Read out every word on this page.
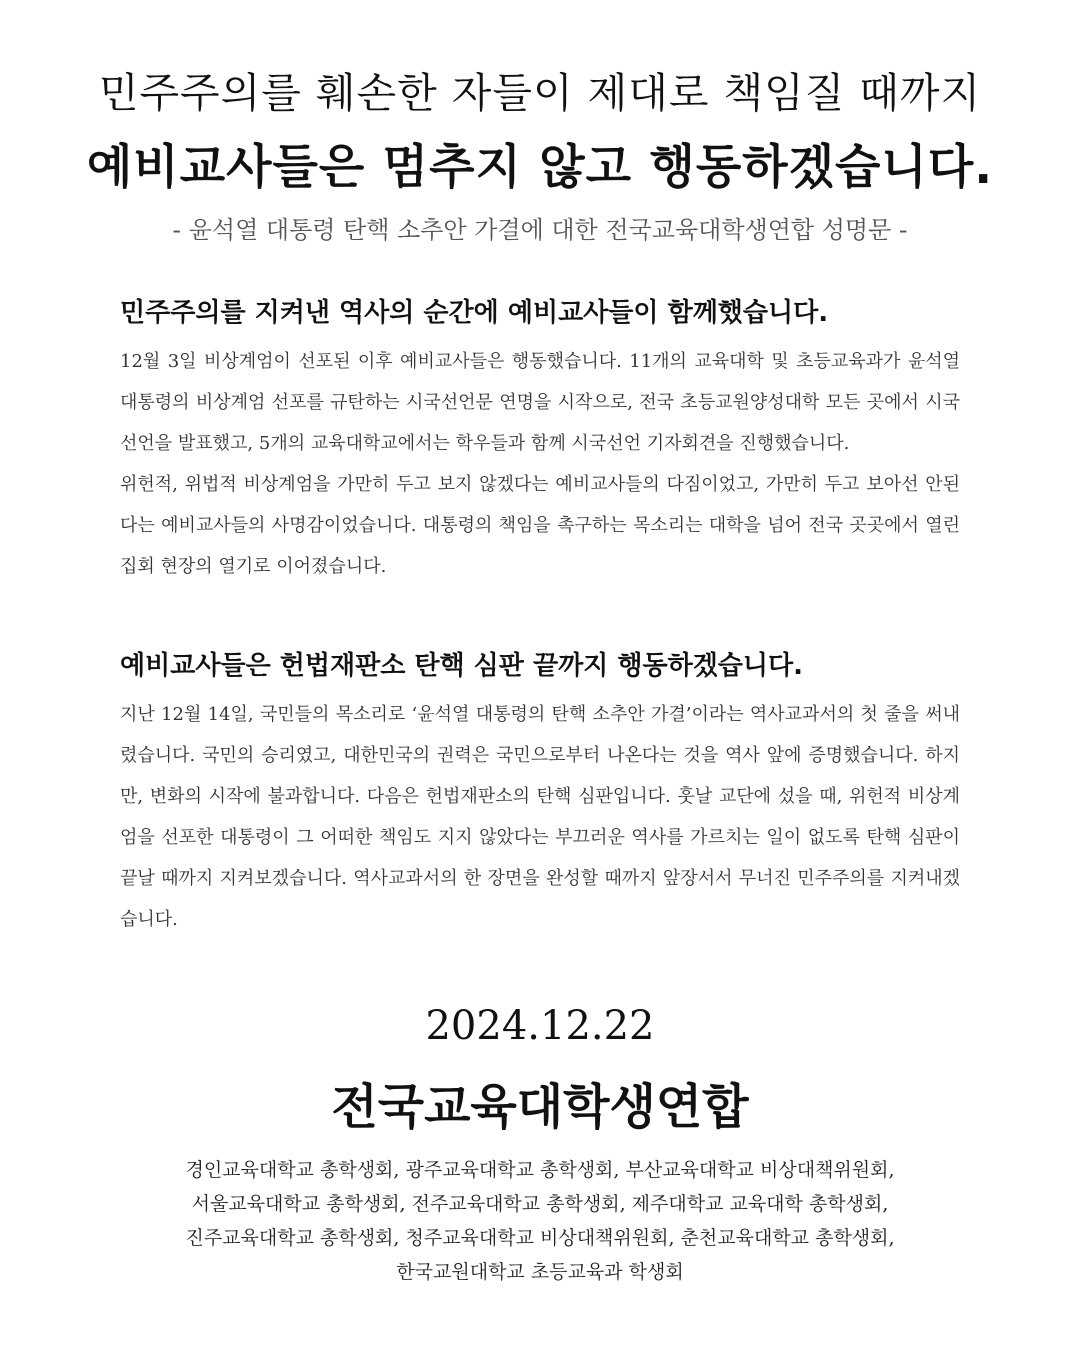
민주주의를 훼손한 자들이 제대로 책임질 때까지
예비교사들은 멈추지 않고 행동하겠습니다.
- 윤석열 대통령 탄핵 소추안 가결에 대한 전국교육대학생연합 성명문 -
민주주의를 지켜낸 역사의 순간에 예비교사들이 함께했습니다.

12월 3일 비상계엄이 선포된 이후 예비교사들은 행동했습니다. 11개의 교육대학 및 초등교육과가 윤석열 대통령의 비상계엄 선포를 규탄하는 시국선언문 연명을 시작으로, 전국 초등교원양성대학 모든 곳에서 시국선언을 발표했고, 5개의 교육대학교에서는 학우들과 함께 시국선언 기자회견을 진행했습니다.

위헌적, 위법적 비상계엄을 가만히 두고 보지 않겠다는 예비교사들의 다짐이었고, 가만히 두고 보아선 안된다는 예비교사들의 사명감이었습니다. 대통령의 책임을 촉구하는 목소리는 대학을 넘어 전국 곳곳에서 열린 집회 현장의 열기로 이어졌습니다.

예비교사들은 헌법재판소 탄핵 심판 끝까지 행동하겠습니다.

지난 12월 14일, 국민들의 목소리로 ‘윤석열 대통령의 탄핵 소추안 가결’이라는 역사교과서의 첫 줄을 써내렸습니다. 국민의 승리였고, 대한민국의 권력은 국민으로부터 나온다는 것을 역사 앞에 증명했습니다. 하지만, 변화의 시작에 불과합니다. 다음은 헌법재판소의 탄핵 심판입니다. 훗날 교단에 섰을 때, 위헌적 비상계엄을 선포한 대통령이 그 어떠한 책임도 지지 않았다는 부끄러운 역사를 가르치는 일이 없도록 탄핵 심판이 끝날 때까지 지켜보겠습니다. 역사교과서의 한 장면을 완성할 때까지 앞장서서 무너진 민주주의를 지켜내겠습니다.

2024.12.22
전국교육대학생연합
경인교육대학교 총학생회, 광주교육대학교 총학생회, 부산교육대학교 비상대책위원회,
서울교육대학교 총학생회, 전주교육대학교 총학생회, 제주대학교 교육대학 총학생회,
진주교육대학교 총학생회, 청주교육대학교 비상대책위원회, 춘천교육대학교 총학생회,
한국교원대학교 초등교육과 학생회
